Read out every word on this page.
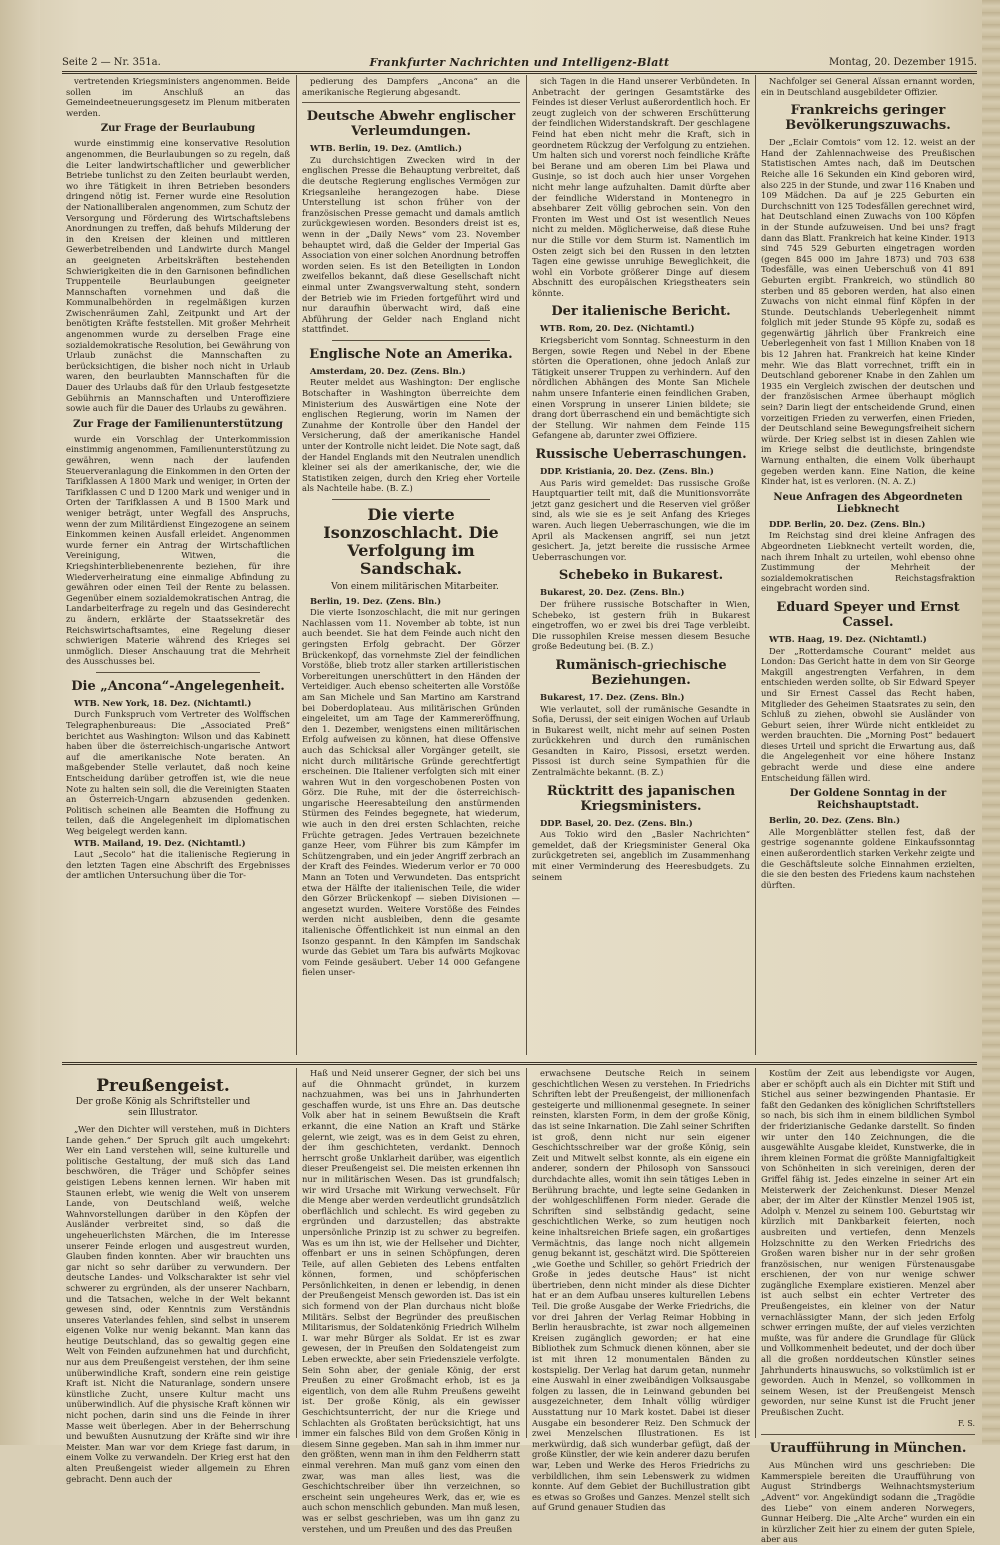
Seite 2 — Nr. 351a.	Frankfurter Nachrichten und Intelligenz-Blatt	Montag, 20. Dezember 1915.

vertretenden Kriegsministers angenommen. Beide sollen im Anschluß an das Gemeindeetneuerungsgesetz im Plenum mitberaten werden.

Zur Frage der Beurlaubung

wurde einstimmig eine konservative Resolution angenommen, die Beurlaubungen so zu regeln, daß die Leiter landwirtschaftlicher und gewerblicher Betriebe tunlichst zu den Zeiten beurlaubt werden, wo ihre Tätigkeit in ihren Betrieben besonders dringend nötig ist. Ferner wurde eine Resolution der Nationalliberalen angenommen, zum Schutz der Versorgung und Förderung des Wirtschaftslebens Anordnungen zu treffen, daß behufs Milderung der in den Kreisen der kleinen und mittleren Gewerbetreibenden und Landwirte durch Mangel an geeigneten Arbeitskräften bestehenden Schwierigkeiten die in den Garnisonen befindlichen Truppenteile Beurlaubungen geeigneter Mannschaften vornehmen und daß die Kommunalbehörden in regelmäßigen kurzen Zwischenräumen Zahl, Zeitpunkt und Art der benötigten Kräfte feststellen. Mit großer Mehrheit angenommen wurde zu derselben Frage eine sozialdemokratische Resolution, bei Gewährung von Urlaub zunächst die Mannschaften zu berücksichtigen, die bisher noch nicht in Urlaub waren, den beurlaubten Mannschaften für die Dauer des Urlaubs daß für den Urlaub festgesetzte Gebührnis an Mannschaften und Unteroffiziere sowie auch für die Dauer des Urlaubs zu gewähren.

Zur Frage der Familienunterstützung

wurde ein Vorschlag der Unterkommission einstimmig angenommen, Familienunterstützung zu gewähren, wenn nach der laufenden Steuerveranlagung die Einkommen in den Orten der Tarifklassen A 1800 Mark und weniger, in Orten der Tarifklassen C und D 1200 Mark und weniger und in Orten der Tarifklassen A und B 1500 Mark und weniger beträgt, unter Wegfall des Anspruchs, wenn der zum Militärdienst Eingezogene an seinem Einkommen keinen Ausfall erleidet. Angenommen wurde ferner ein Antrag der Wirtschaftlichen Vereinigung, Witwen, die Kriegshinterbliebenenrente beziehen, für ihre Wiederverheiratung eine einmalige Abfindung zu gewähren oder einen Teil der Rente zu belassen. Gegenüber einem sozialdemokratischen Antrag, die Landarbeiterfrage zu regeln und das Gesinderecht zu ändern, erklärte der Staatssekretär des Reichswirtschaftsamtes, eine Regelung dieser schwierigen Materie während des Krieges sei unmöglich. Dieser Anschauung trat die Mehrheit des Ausschusses bei.

Die „Ancona“-Angelegenheit.

WTB. New York, 18. Dez. (Nichtamtl.)

Durch Funkspruch vom Vertreter des Wolffschen Telegraphenbureaus: Die „Associated Preß“ berichtet aus Washington: Wilson und das Kabinett haben über die österreichisch-ungarische Antwort auf die amerikanische Note beraten. An maßgebender Stelle verlautet, daß noch keine Entscheidung darüber getroffen ist, wie die neue Note zu halten sein soll, die die Vereinigten Staaten an Österreich-Ungarn abzusenden gedenken. Politisch scheinen alle Beamten die Hoffnung zu teilen, daß die Angelegenheit im diplomatischen Weg beigelegt werden kann.

WTB. Mailand, 19. Dez. (Nichtamtl.)

Laut „Secolo“ hat die italienische Regierung in den letzten Tagen eine Abschrift des Ergebnisses der amtlichen Untersuchung über die Tor-

pedierung des Dampfers „Ancona“ an die amerikanische Regierung abgesandt.

Deutsche Abwehr englischer Verleumdungen.

WTB. Berlin, 19. Dez. (Amtlich.)

Zu durchsichtigen Zwecken wird in der englischen Presse die Behauptung verbreitet, daß die deutsche Regierung englisches Vermögen zur Kriegsanleihe herangezogen habe. Diese Unterstellung ist schon früher von der französischen Presse gemacht und damals amtlich zurückgewiesen worden. Besonders dreist ist es, wenn in der „Daily News“ vom 23. November behauptet wird, daß die Gelder der Imperial Gas Association von einer solchen Anordnung betroffen worden seien. Es ist den Beteiligten in London zweifellos bekannt, daß diese Gesellschaft nicht einmal unter Zwangsverwaltung steht, sondern der Betrieb wie im Frieden fortgeführt wird und nur daraufhin überwacht wird, daß eine Abführung der Gelder nach England nicht stattfindet.

Englische Note an Amerika.

Amsterdam, 20. Dez. (Zens. Bln.)

Reuter meldet aus Washington: Der englische Botschafter in Washington überreichte dem Ministerium des Auswärtigen eine Note der englischen Regierung, worin im Namen der Zunahme der Kontrolle über den Handel der Versicherung, daß der amerikanische Handel unter der Kontrolle nicht leidet. Die Note sagt, daß der Handel Englands mit den Neutralen unendlich kleiner sei als der amerikanische, der, wie die Statistiken zeigen, durch den Krieg eher Vorteile als Nachteile habe. (B. Z.)

Die vierte Isonzoschlacht. Die Verfolgung im Sandschak.

Von einem militärischen Mitarbeiter.

Berlin, 19. Dez. (Zens. Bln.)

Die vierte Isonzoschlacht, die mit nur geringen Nachlassen vom 11. November ab tobte, ist nun auch beendet. Sie hat dem Feinde auch nicht den geringsten Erfolg gebracht. Der Görzer Brückenkopf, das vornehmste Ziel der feindlichen Vorstöße, blieb trotz aller starken artilleristischen Vorbereitungen unerschüttert in den Händen der Verteidiger. Auch ebenso scheiterten alle Vorstöße am San Michele und San Martino am Karstrand bei Doberdoplateau. Aus militärischen Gründen eingeleitet, um am Tage der Kammereröffnung, den 1. Dezember, wenigstens einen militärischen Erfolg aufweisen zu können, hat diese Offensive auch das Schicksal aller Vorgänger geteilt, sie nicht durch militärische Gründe gerechtfertigt erscheinen. Die Italiener verfolgten sich mit einer wahren Wut in den vorgeschobenen Posten von Görz. Die Ruhe, mit der die österreichisch-ungarische Heeresabteilung den anstürmenden Stürmen des Feindes begegnete, hat wiederum, wie auch in den drei ersten Schlachten, reiche Früchte getragen. Jedes Vertrauen bezeichnete ganze Heer, vom Führer bis zum Kämpfer im Schützengraben, und ein jeder Angriff zerbrach an der Kraft des Feindes. Wiederum verlor er 70 000 Mann an Toten und Verwundeten. Das entspricht etwa der Hälfte der italienischen Teile, die wider den Görzer Brückenkopf — sieben Divisionen — angesetzt wurden. Weitere Vorstöße des Feindes werden nicht ausbleiben, denn die gesamte italienische Öffentlichkeit ist nun einmal an den Isonzo gespannt. In den Kämpfen im Sandschak wurde das Gebiet um Tara bis aufwärts Mojkovac vom Feinde gesäubert. Ueber 14 000 Gefangene fielen unser-

sich Tagen in die Hand unserer Verbündeten. In Anbetracht der geringen Gesamtstärke des Feindes ist dieser Verlust außerordentlich hoch. Er zeugt zugleich von der schweren Erschütterung der feindlichen Widerstandskraft. Der geschlagene Feind hat eben nicht mehr die Kraft, sich in geordnetem Rückzug der Verfolgung zu entziehen. Um halten sich und vorerst noch feindliche Kräfte bei Berane und am oberen Lim bei Plawa und Gusinje, so ist doch auch hier unser Vorgehen nicht mehr lange aufzuhalten. Damit dürfte aber der feindliche Widerstand in Montenegro in absehbarer Zeit völlig gebrochen sein. Von den Fronten im West und Ost ist wesentlich Neues nicht zu melden. Möglicherweise, daß diese Ruhe nur die Stille vor dem Sturm ist. Namentlich im Osten zeigt sich bei den Russen in den letzten Tagen eine gewisse unruhige Beweglichkeit, die wohl ein Vorbote größerer Dinge auf diesem Abschnitt des europäischen Kriegstheaters sein könnte.

Der italienische Bericht.

WTB. Rom, 20. Dez. (Nichtamtl.)

Kriegsbericht vom Sonntag. Schneesturm in den Bergen, sowie Regen und Nebel in der Ebene störten die Operationen, ohne jedoch Anlaß zur Tätigkeit unserer Truppen zu verhindern. Auf den nördlichen Abhängen des Monte San Michele nahm unsere Infanterie einen feindlichen Graben, einen Vorsprung in unserer Linien bildete; sie drang dort überraschend ein und bemächtigte sich der Stellung. Wir nahmen dem Feinde 115 Gefangene ab, darunter zwei Offiziere.

Russische Ueberraschungen.

DDP. Kristiania, 20. Dez. (Zens. Bln.)

Aus Paris wird gemeldet: Das russische Große Hauptquartier teilt mit, daß die Munitionsvorräte jetzt ganz gesichert und die Reserven viel größer sind, als wie sie es je seit Anfang des Krieges waren. Auch liegen Ueberraschungen, wie die im April als Mackensen angriff, sei nun jetzt gesichert. Ja, jetzt bereite die russische Armee Ueberraschungen vor.

Schebeko in Bukarest.

Bukarest, 20. Dez. (Zens. Bln.)

Der frühere russische Botschafter in Wien, Schebeko, ist gestern früh in Bukarest eingetroffen, wo er zwei bis drei Tage verbleibt. Die russophilen Kreise messen diesem Besuche große Bedeutung bei. (B. Z.)

Rumänisch-griechische Beziehungen.

Bukarest, 17. Dez. (Zens. Bln.)

Wie verlautet, soll der rumänische Gesandte in Sofia, Derussi, der seit einigen Wochen auf Urlaub in Bukarest weilt, nicht mehr auf seinen Posten zurückkehren und durch den rumänischen Gesandten in Kairo, Pissosi, ersetzt werden. Pissosi ist durch seine Sympathien für die Zentralmächte bekannt. (B. Z.)

Rücktritt des japanischen Kriegsministers.

DDP. Basel, 20. Dez. (Zens. Bln.)

Aus Tokio wird den „Basler Nachrichten“ gemeldet, daß der Kriegsminister General Oka zurückgetreten sei, angeblich im Zusammenhang mit einer Verminderung des Heeresbudgets. Zu seinem

Nachfolger sei General Aïssan ernannt worden, ein in Deutschland ausgebildeter Offizier.

Frankreichs geringer Bevölkerungszuwachs.

Der „Eclair Comtois“ vom 12. 12. weist an der Hand der Zahlennachweise des Preußischen Statistischen Amtes nach, daß im Deutschen Reiche alle 16 Sekunden ein Kind geboren wird, also 225 in der Stunde, und zwar 116 Knaben und 109 Mädchen. Da auf je 225 Geburten ein Durchschnitt von 125 Todesfällen gerechnet wird, hat Deutschland einen Zuwachs von 100 Köpfen in der Stunde aufzuweisen. Und bei uns? fragt dann das Blatt. Frankreich hat keine Kinder. 1913 sind 745 529 Geburten eingetragen worden (gegen 845 000 im Jahre 1873) und 703 638 Todesfälle, was einen Ueberschuß von 41 891 Geburten ergibt. Frankreich, wo stündlich 80 sterben und 85 geboren werden, hat also einen Zuwachs von nicht einmal fünf Köpfen in der Stunde. Deutschlands Ueberlegenheit nimmt folglich mit jeder Stunde 95 Köpfe zu, sodaß es gegenwärtig jährlich über Frankreich eine Ueberlegenheit von fast 1 Million Knaben von 18 bis 12 Jahren hat. Frankreich hat keine Kinder mehr. Wie das Blatt vorrechnet, trifft ein in Deutschland geborener Knabe in den Zahlen um 1935 ein Vergleich zwischen der deutschen und der französischen Armee überhaupt möglich sein? Darin liegt der entscheidende Grund, einen vorzeitigen Frieden zu verwerfen, einen Frieden, der Deutschland seine Bewegungsfreiheit sichern würde. Der Krieg selbst ist in diesen Zahlen wie im Kriege selbst die deutlichste, bringendste Warnung enthalten, die einem Volk überhaupt gegeben werden kann. Eine Nation, die keine Kinder hat, ist es verloren. (N. A. Z.)

Neue Anfragen des Abgeordneten Liebknecht

DDP. Berlin, 20. Dez. (Zens. Bln.)

Im Reichstag sind drei kleine Anfragen des Abgeordneten Liebknecht verteilt worden, die, nach ihrem Inhalt zu urteilen, wohl ebenso ohne Zustimmung der Mehrheit der sozialdemokratischen Reichstagsfraktion eingebracht worden sind.

Eduard Speyer und Ernst Cassel.

WTB. Haag, 19. Dez. (Nichtamtl.)

Der „Rotterdamsche Courant“ meldet aus London: Das Gericht hatte in dem von Sir George Makgill angestrengten Verfahren, in dem entschieden werden sollte, ob Sir Edward Speyer und Sir Ernest Cassel das Recht haben, Mitglieder des Geheimen Staatsrates zu sein, den Schluß zu ziehen, obwohl sie Ausländer von Geburt seien, ihrer Würde nicht entkleidet zu werden brauchten. Die „Morning Post“ bedauert dieses Urteil und spricht die Erwartung aus, daß die Angelegenheit vor eine höhere Instanz gebracht werde und diese eine andere Entscheidung fällen wird.

Der Goldene Sonntag in der Reichshauptstadt.

Berlin, 20. Dez. (Zens. Bln.)

Alle Morgenblätter stellen fest, daß der gestrige sogenannte goldene Einkaufssonntag einen außerordentlich starken Verkehr zeigte und die Geschäftsleute solche Einnahmen erzielten, die sie den besten des Friedens kaum nachstehen dürften.

Preußengeist.
Der große König als Schriftsteller und sein Illustrator.

„Wer den Dichter will verstehen, muß in Dichters Lande gehen.“ Der Spruch gilt auch umgekehrt: Wer ein Land verstehen will, seine kulturelle und politische Gestaltung, der muß sich das Land beschwören, die Träger und Schöpfer seines geistigen Lebens kennen lernen. Wir haben mit Staunen erlebt, wie wenig die Welt von unserem Lande, von Deutschland weiß, welche Wahnvorstellungen darüber in den Köpfen der Ausländer verbreitet sind, so daß die ungeheuerlichsten Märchen, die im Interesse unserer Feinde erlogen und ausgestreut wurden, Glauben finden konnten. Aber wir brauchten uns gar nicht so sehr darüber zu verwundern. Der deutsche Landes- und Volkscharakter ist sehr viel schwerer zu ergründen, als der unserer Nachbarn, und die Tatsachen, welche in der Welt bekannt gewesen sind, oder Kenntnis zum Verständnis unseres Vaterlandes fehlen, sind selbst in unserem eigenen Volke nur wenig bekannt. Man kann das heutige Deutschland, das so gewaltig gegen eine Welt von Feinden aufzunehmen hat und durchficht, nur aus dem Preußengeist verstehen, der ihm seine unüberwindliche Kraft, sondern eine rein geistige Kraft ist. Nicht die Naturanlage, sondern unsere künstliche Zucht, unsere Kultur macht uns unüberwindlich. Auf die physische Kraft können wir nicht pochen, darin sind uns die Feinde in ihrer Masse weit überlegen. Aber in der Beherrschung und bewußten Ausnutzung der Kräfte sind wir ihre Meister. Man war vor dem Kriege fast darum, in einem Volke zu verwandeln. Der Krieg erst hat den alten Preußengeist wieder allgemein zu Ehren gebracht. Denn auch der

Haß und Neid unserer Gegner, der sich bei uns auf die Ohnmacht gründet, in kurzem nachzuahmen, was bei uns in Jahrhunderten geschaffen wurde, ist uns Ehre an. Das deutsche Volk aber hat in seinem Bewußtsein die Kraft erkannt, die eine Nation an Kraft und Stärke gelernt, wie zeigt, was es in dem Geist zu ehren, der ihm geschichteten, verdankt. Dennoch herrscht große Unklarheit darüber, was eigentlich dieser Preußengeist sei. Die meisten erkennen ihn nur in militärischen Wesen. Das ist grundfalsch; wir wird Ursache mit Wirkung verwechselt. Für die Menge aber werden verdeutlicht grundsätzlich oberflächlich und schlecht. Es wird gegeben zu ergründen und darzustellen; das abstrakte unpersönliche Prinzip ist zu schwer zu begreifen. Was es um ihn ist, wie der Hellseher und Dichter, offenbart er uns in seinen Schöpfungen, deren Teile, auf allen Gebieten des Lebens entfalten können, formen, und schöpferischen Persönlichkeiten, in denen er lebendig, in denen der Preußengeist Mensch geworden ist. Das ist ein sich formend von der Plan durchaus nicht bloße Militärs. Selbst der Begründer des preußischen Militarismus, der Soldatenkönig Friedrich Wilhelm I. war mehr Bürger als Soldat. Er ist es zwar gewesen, der in Preußen den Soldatengeist zum Leben erweckte, aber sein Friedensziele verfolgte. Sein Sohn aber, der geniale König, der erst Preußen zu einer Großmacht erhob, ist es ja eigentlich, von dem alle Ruhm Preußens geweiht ist. Der große König, als ein gewisser Geschichtsunterricht, der nur die Kriege und Schlachten als Großtaten berücksichtigt, hat uns immer ein falsches Bild von dem Großen König in diesem Sinne gegeben. Man sah in ihm immer nur den größten, wenn man in ihm den Feldherrn statt einmal verehren. Man muß ganz vom einen den zwar, was man alles liest, was die Geschichtschreiber über ihn verzeichnen, so erscheint sein ungeheures Werk, das er, wie es auch schon menschlich gebunden. Man muß lesen, was er selbst geschrieben, was um ihn ganz zu verstehen, und um Preußen und des das Preußen

erwachsene Deutsche Reich in seinem geschichtlichen Wesen zu verstehen. In Friedrichs Schriften lebt der Preußengeist, der millionenfach gesteigerte und millionenmal gesegnete. In seiner reinsten, klarsten Form, in dem der große König, das ist seine Inkarnation. Die Zahl seiner Schriften ist groß, denn nicht nur sein eigener Geschichtsschreiber war der große König, sein Zeit und Mitwelt selbst konnte, als ein eigene ein anderer, sondern der Philosoph von Sanssouci durchdachte alles, womit ihn sein tätiges Leben in Berührung brachte, und legte seine Gedanken in der wohlgeschliffenen Form nieder. Gerade die Schriften sind selbständig gedacht, seine geschichtlichen Werke, so zum heutigen noch keine inhaltsreichen Briefe sagen, ein großartiges Vermächtnis, das lange noch nicht allgemein genug bekannt ist, geschätzt wird. Die Spöttereien „wie Goethe und Schiller, so gehört Friedrich der Große in jedes deutsche Haus“ ist nicht übertrieben, denn nicht minder als diese Dichter hat er an dem Aufbau unseres kulturellen Lebens Teil. Die große Ausgabe der Werke Friedrichs, die vor drei Jahren der Verlag Reimar Hobbing in Berlin herausbrachte, ist zwar noch allgemeinen Kreisen zugänglich geworden; er hat eine Bibliothek zum Schmuck dienen können, aber sie ist mit ihren 12 monumentalen Bänden zu kostspielig. Der Verlag hat darum getan, nunmehr eine Auswahl in einer zweibändigen Volksausgabe folgen zu lassen, die in Leinwand gebunden bei ausgezeichneter, dem Inhalt völlig würdiger Ausstattung nur 10 Mark kostet. Dabei ist dieser Ausgabe ein besonderer Reiz. Den Schmuck der zwei Menzelschen Illustrationen. Es ist merkwürdig, daß sich wunderbar gefügt, daß der große Künstler, der wie kein anderer dazu berufen war, Leben und Werke des Heros Friedrichs zu verbildlichen, ihm sein Lebenswerk zu widmen konnte. Auf dem Gebiet der Buchillustration gibt es etwas so Großes und Ganzes. Menzel stellt sich auf Grund genauer Studien das

Kostüm der Zeit aus lebendigste vor Augen, aber er schöpft auch als ein Dichter mit Stift und Stichel aus seiner bezwingenden Phantasie. Er faßt den Gedanken des königlichen Schriftstellers so nach, bis sich ihm in einem bildlichen Symbol der friderizianische Gedanke darstellt. So finden wir unter den 140 Zeichnungen, die die ausgewählte Ausgabe kleidet, Kunstwerke, die in ihrem kleinen Format die größte Mannigfaltigkeit von Schönheiten in sich vereinigen, deren der Griffel fähig ist. Jedes einzelne in seiner Art ein Meisterwerk der Zeichenkunst. Dieser Menzel aber, der im Alter der Künstler Menzel 1905 ist, Adolph v. Menzel zu seinem 100. Geburtstag wir kürzlich mit Dankbarkeit feierten, noch ausbreiten und vertiefen, denn Menzels Holzschnitte zu den Werken Friedrichs des Großen waren bisher nur in der sehr großen französischen, nur wenigen Fürstenausgabe erschienen, der von nur wenige schwer zugängliche Exemplare existieren. Menzel aber ist auch selbst ein echter Vertreter des Preußengeistes, ein kleiner von der Natur vernachlässigter Mann, der sich jeden Erfolg schwer erringen mußte, der auf vieles verzichten mußte, was für andere die Grundlage für Glück und Vollkommenheit bedeutet, und der doch über all die großen norddeutschen Künstler seines Jahrhunderts hinauswuchs, so volkstümlich ist er geworden. Auch in Menzel, so vollkommen in seinem Wesen, ist der Preußengeist Mensch geworden, nur seine Kunst ist die Frucht jener Preußischen Zucht.

F. S.

Uraufführung in München.

Aus München wird uns geschrieben: Die Kammerspiele bereiten die Uraufführung von August Strindbergs Weihnachtsmysterium „Advent“ vor. Angekündigt sodann die „Tragödie des Liebe“ von einem anderen Norwegers, Gunnar Heiberg. Die „Alte Arche“ wurden ein ein in kürzlicher Zeit hier zu einem der guten Spiele, aber aus
